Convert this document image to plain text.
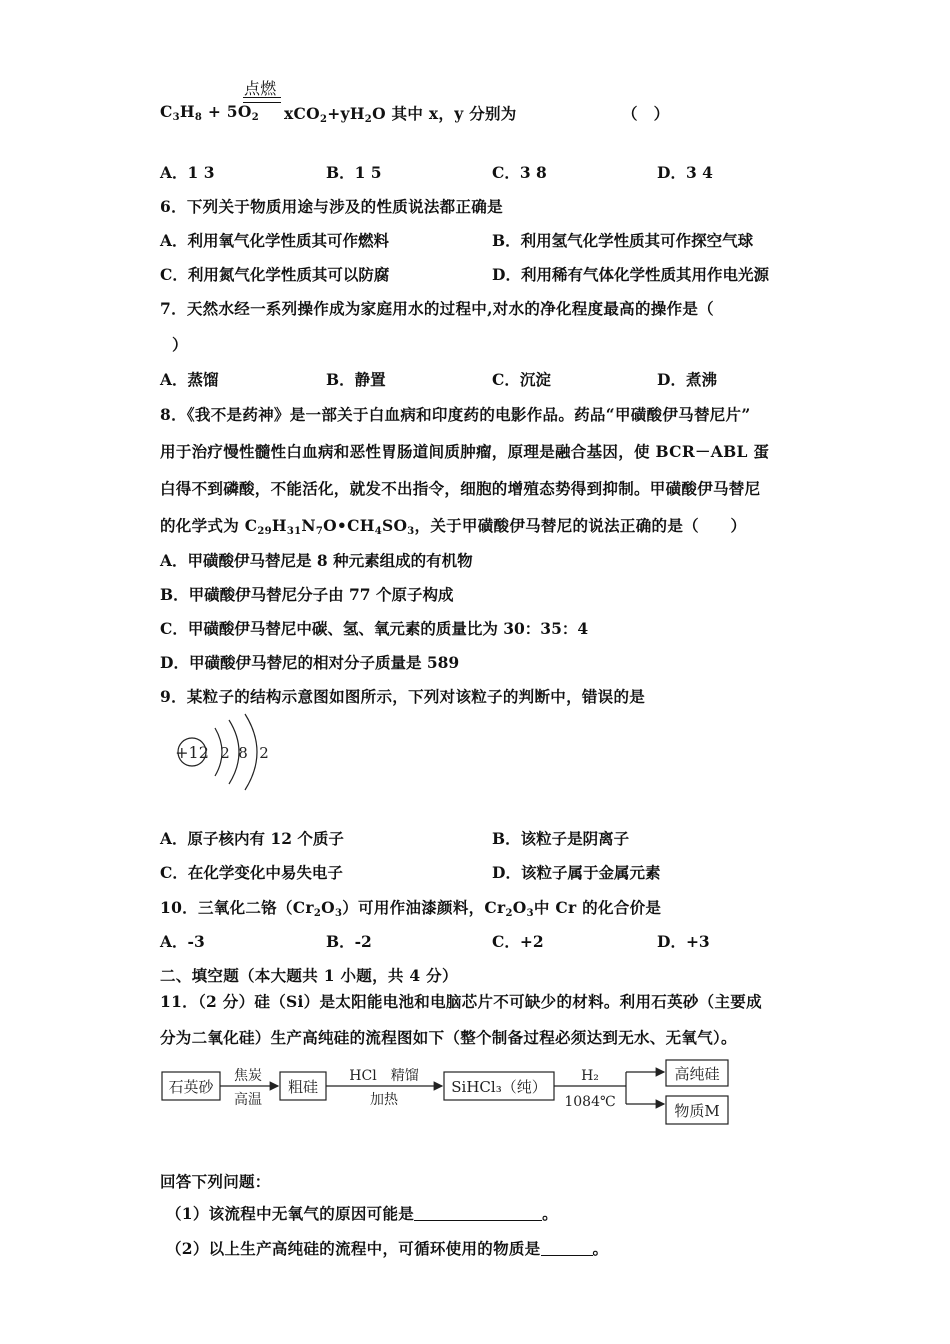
点燃
$C_3H_8 + 5O_2$ $xCO_2+yH_2O$ 其中 x，y 分别为	（　）
A．1 3	B．1 5	C．3 8	D．3 4
6．下列关于物质用途与涉及的性质说法都正确是
A．利用氧气化学性质其可作燃料	B．利用氢气化学性质其可作探空气球
C．利用氮气化学性质其可以防腐	D．利用稀有气体化学性质其用作电光源
7．天然水经一系列操作成为家庭用水的过程中,对水的净化程度最高的操作是（
）
A．蒸馏	B．静置	C．沉淀	D．煮沸
8．《我不是药神》是一部关于白血病和印度药的电影作品。药品“甲磺酸伊马替尼片”
用于治疗慢性髓性白血病和恶性胃肠道间质肿瘤，原理是融合基因，使 BCR－ABL 蛋
白得不到磷酸，不能活化，就发不出指令，细胞的增殖态势得到抑制。甲磺酸伊马替尼
的化学式为 $C_{29}H_{31}N_7O•CH_4SO_3$，关于甲磺酸伊马替尼的说法正确的是（　　）
A．甲磺酸伊马替尼是 8 种元素组成的有机物
B．甲磺酸伊马替尼分子由 77 个原子构成
C．甲磺酸伊马替尼中碳、氢、氧元素的质量比为 30：35：4
D．甲磺酸伊马替尼的相对分子质量是 589
9．某粒子的结构示意图如图所示，下列对该粒子的判断中，错误的是
+12 2 8 2
A．原子核内有 12 个质子	B．该粒子是阴离子
C．在化学变化中易失电子	D．该粒子属于金属元素
10．三氧化二铬$(Cr_2O_3)$可用作油漆颜料，$Cr_2O_3$中 Cr 的化合价是
A．-3	B．-2	C．+2	D．+3
二、填空题（本大题共 1 小题，共 4 分）
11．（2 分）硅（Si）是太阳能电池和电脑芯片不可缺少的材料。利用石英砂（主要成
分为二氧化硅）生产高纯硅的流程图如下（整个制备过程必须达到无水、无氧气）。
石英砂
焦炭
高温
粗硅
HCl　精馏
加热
SiHCl₃（纯）
H₂
1084℃
高纯硅
物质M
回答下列问题：
（1）该流程中无氧气的原因可能是	。
（2）以上生产高纯硅的流程中，可循环使用的物质是	。
